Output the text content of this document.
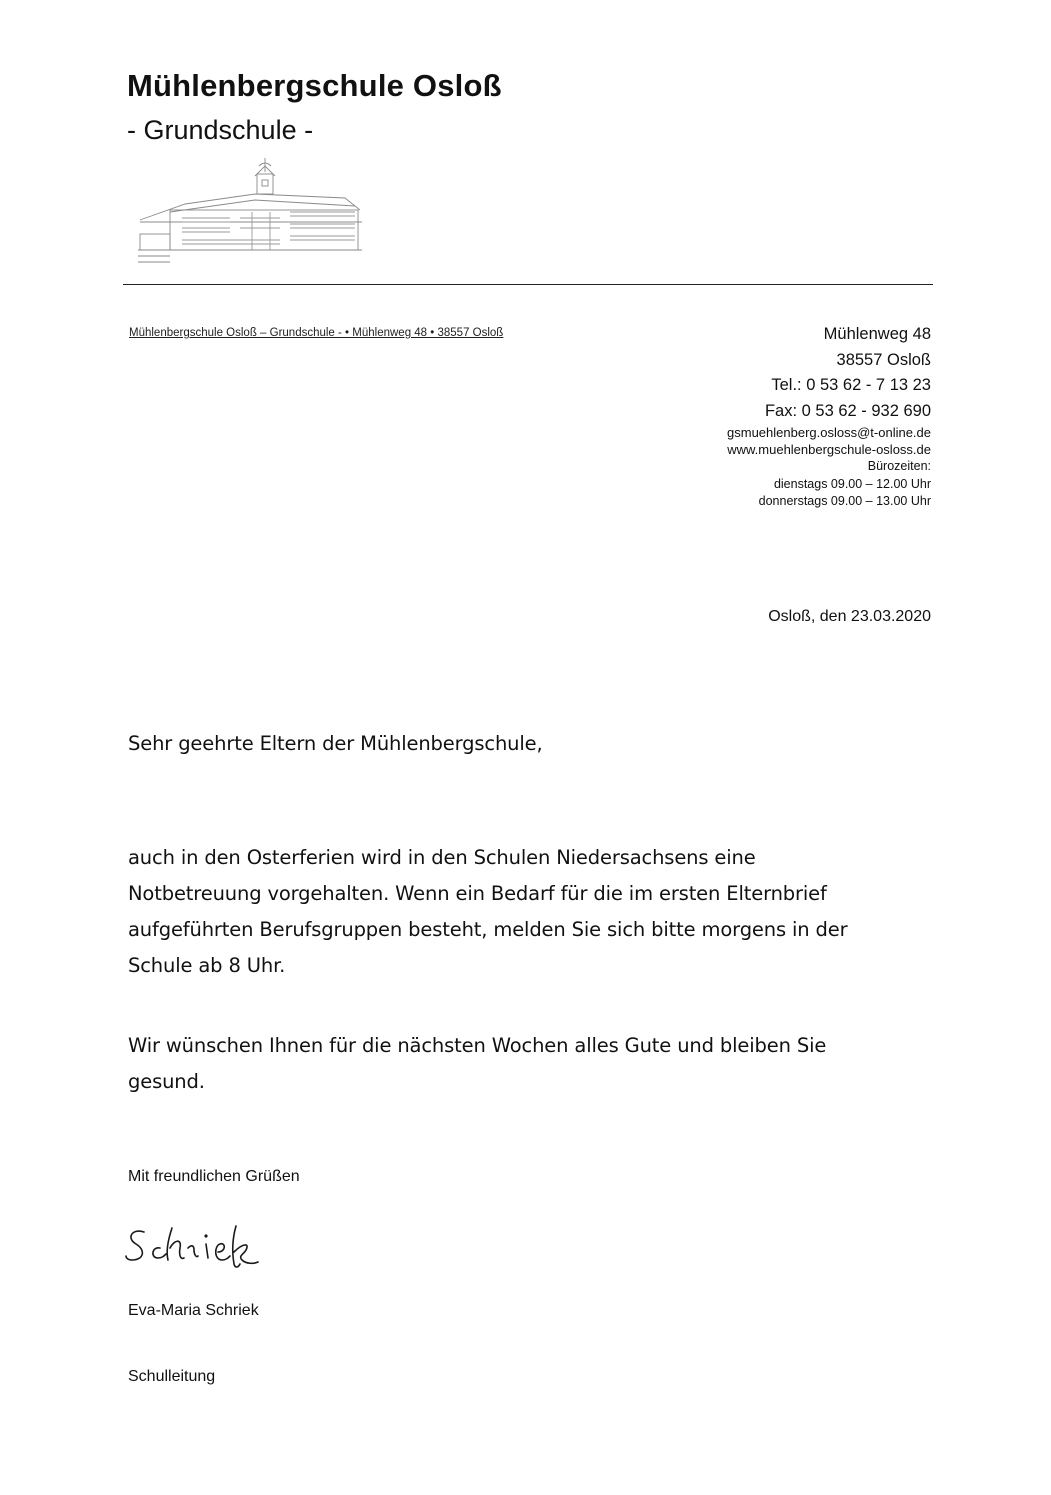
Mühlenbergschule Osloß
- Grundschule -
Mühlenbergschule Osloß – Grundschule - • Mühlenweg 48 • 38557 Osloß	Mühlenweg 48
38557 Osloß
Tel.: 0 53 62 - 7 13 23
Fax: 0 53 62 - 932 690
gsmuehlenberg.osloss@t-online.de
www.muehlenbergschule-osloss.de
Bürozeiten:
dienstags 09.00 – 12.00 Uhr
donnerstags 09.00 – 13.00 Uhr
Osloß, den 23.03.2020
Sehr geehrte Eltern der Mühlenbergschule,
auch in den Osterferien wird in den Schulen Niedersachsens eine
Notbetreuung vorgehalten. Wenn ein Bedarf für die im ersten Elternbrief
aufgeführten Berufsgruppen besteht, melden Sie sich bitte morgens in der
Schule ab 8 Uhr.
Wir wünschen Ihnen für die nächsten Wochen alles Gute und bleiben Sie
gesund.
Mit freundlichen Grüßen
Eva-Maria Schriek
Schulleitung
